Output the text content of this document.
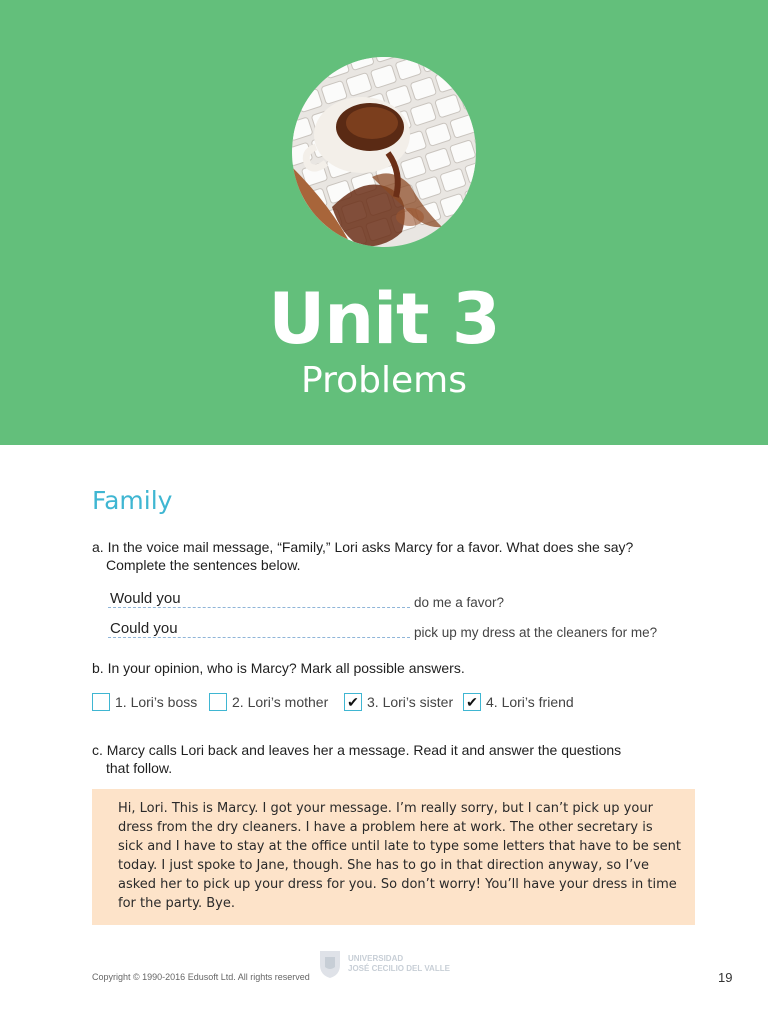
Unit 3
Problems
Family
a. In the voice mail message, “Family,” Lori asks Marcy for a favor. What does she say?
Complete the sentences below.
Would you	do me a favor?
Could you	pick up my dress at the cleaners for me?
b. In your opinion, who is Marcy? Mark all possible answers.
1. Lori’s boss 2. Lori’s mother ✔ 3. Lori’s sister ✔ 4. Lori’s friend
c. Marcy calls Lori back and leaves her a message. Read it and answer the questions
that follow.
Hi, Lori. This is Marcy. I got your message. I’m really sorry, but I can’t pick up your dress from the dry cleaners. I have a problem here at work. The other secretary is sick and I have to stay at the office until late to type some letters that have to be sent today. I just spoke to Jane, though. She has to go in that direction anyway, so I’ve asked her to pick up your dress for you. So don’t worry! You’ll have your dress in time for the party. Bye.
Copyright © 1990-2016 Edusoft Ltd. All rights reserved
UNIVERSIDAD
JOSÉ CECILIO DEL VALLE
19
